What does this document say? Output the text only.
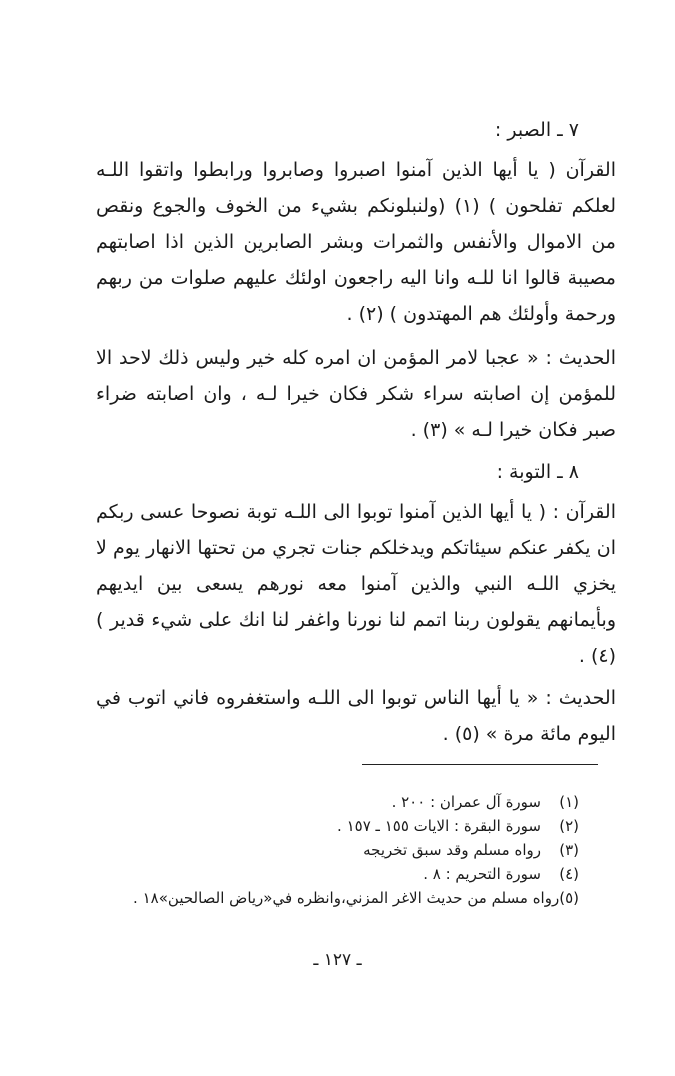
٧ ـ الصبر :
القرآن ( يا أيها الذين آمنوا اصبروا وصابروا ورابطوا واتقوا اللـه لعلكم تفلحون ) (١) (ولنبلونكم بشيء من الخوف والجوع ونقص من الاموال والأنفس والثمرات وبشر الصابرين الذين اذا اصابتهم مصيبة قالوا انا للـه وانا اليه راجعون اولئك عليهم صلوات من ربهم ورحمة وأولئك هم المهتدون ) (٢) .
الحديث : « عجبا لامر المؤمن ان امره كله خير وليس ذلك لاحد الا للمؤمن إن اصابته سراء شكر فكان خيرا لـه ، وان اصابته ضراء صبر فكان خيرا لـه » (٣) .
٨ ـ التوبة :
القرآن : ( يا أيها الذين آمنوا توبوا الى اللـه توبة نصوحا عسى ربكم ان يكفر عنكم سيئاتكم ويدخلكم جنات تجري من تحتها الانهار يوم لا يخزي اللـه النبي والذين آمنوا معه نورهم يسعى بين ايديهم وبأيمانهم يقولون ربنا اتمم لنا نورنا واغفر لنا انك على شيء قدير ) (٤) .
الحديث : « يا أيها الناس توبوا الى اللـه واستغفروه فاني اتوب في اليوم مائة مرة » (٥) .
(١)
سورة آل عمران : ٢٠٠ .
(٢)
سورة البقرة : الايات ١٥٥ ـ ١٥٧ .
(٣)
رواه مسلم وقد سبق تخريجه
(٤)
سورة التحريم : ٨ .
(٥)
رواه مسلم من حديث الاغر المزني،وانظره في«رياض الصالحين»١٨ .
ـ ١٢٧ ـ
